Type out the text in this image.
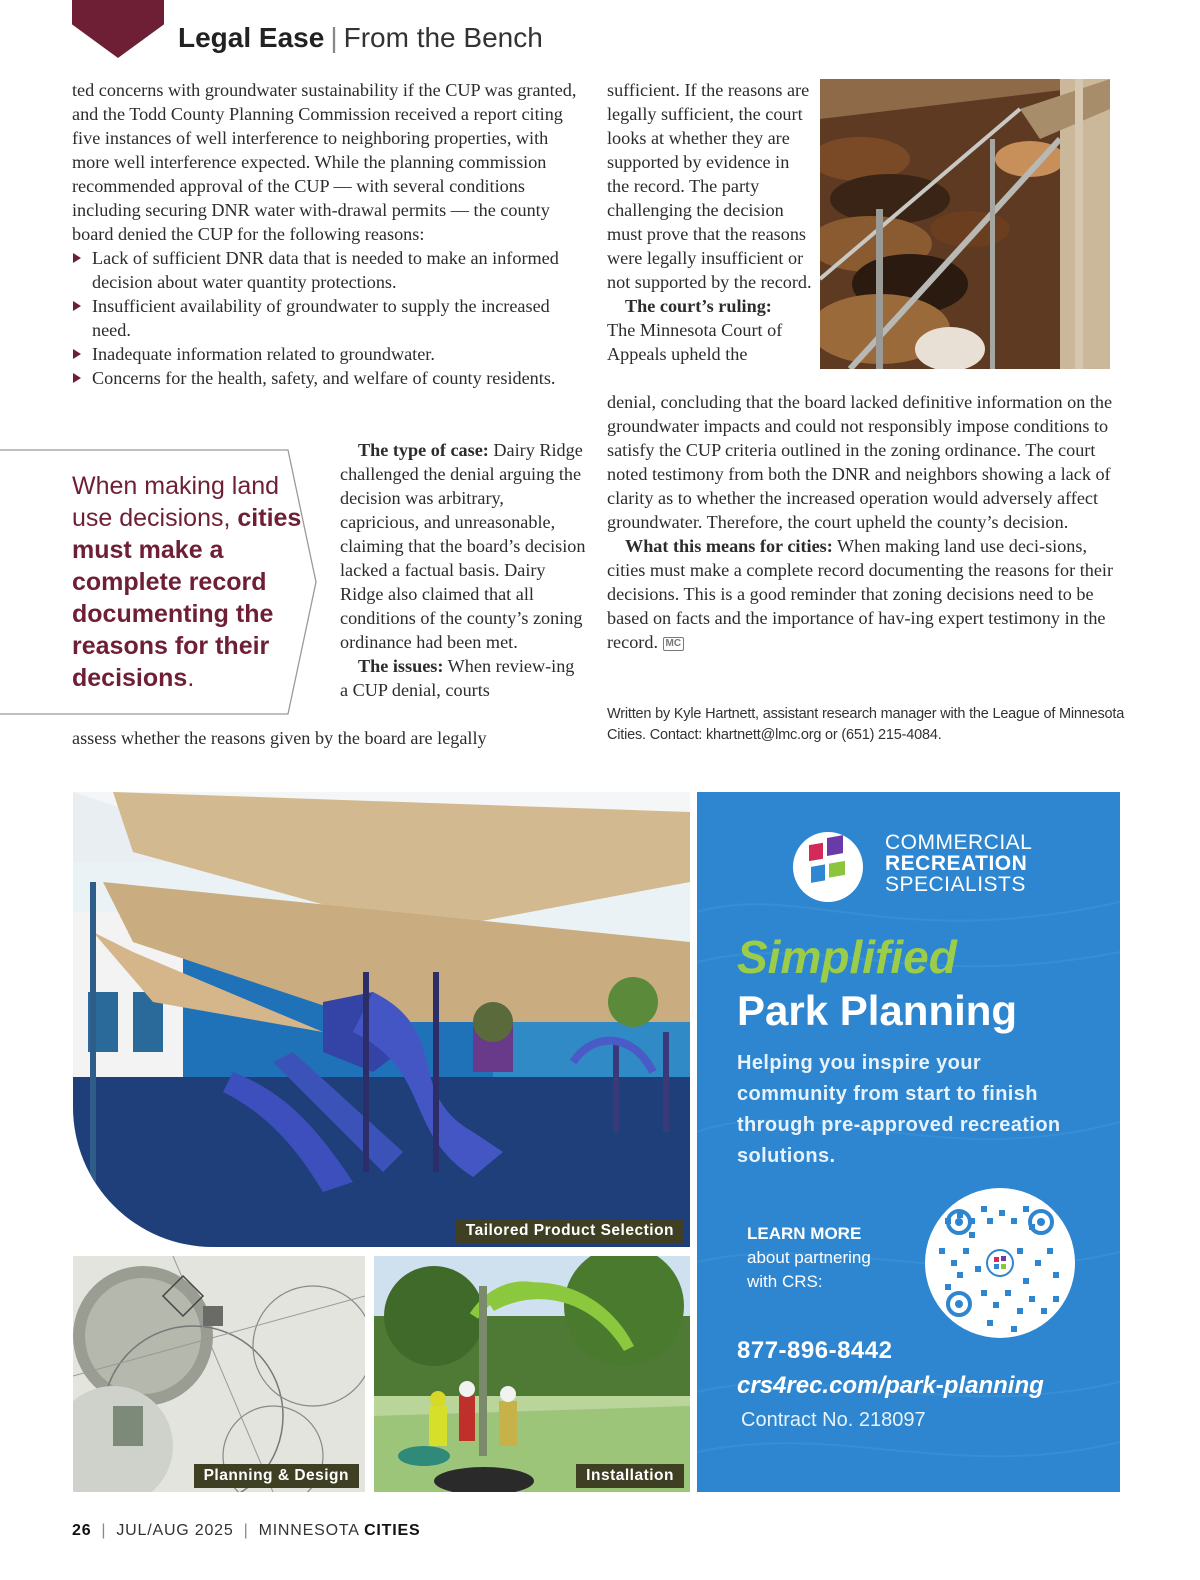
Legal Ease | From the Bench

ted concerns with groundwater sustainability if the CUP was granted, and the Todd County Planning Commission received a report citing five instances of well interference to neighboring properties, with more well interference expected. While the planning commission recommended approval of the CUP — with several conditions including securing DNR water with-drawal permits — the county board denied the CUP for the following reasons:

Lack of sufficient DNR data that is needed to make an informed decision about water quantity protections.
Insufficient availability of groundwater to supply the increased need.
Inadequate information related to groundwater.
Concerns for the health, safety, and welfare of county residents.
When making land use decisions, cities must make a complete record documenting the reasons for their decisions.

The type of case: Dairy Ridge challenged the denial arguing the decision was arbitrary, capricious, and unreasonable, claiming that the board’s decision lacked a factual basis. Dairy Ridge also claimed that all conditions of the county’s zoning ordinance had been met.

The issues: When review-ing a CUP denial, courts

assess whether the reasons given by the board are legally

sufficient. If the reasons are legally sufficient, the court looks at whether they are supported by evidence in the record. The party challenging the decision must prove that the reasons were legally insufficient or not supported by the record.

The court’s ruling:

The Minnesota Court of Appeals upheld the

denial, concluding that the board lacked definitive information on the groundwater impacts and could not responsibly impose conditions to satisfy the CUP criteria outlined in the zoning ordinance. The court noted testimony from both the DNR and neighbors showing a lack of clarity as to whether the increased operation would adversely affect groundwater. Therefore, the court upheld the county’s decision.

What this means for cities: When making land use deci-sions, cities must make a complete record documenting the reasons for their decisions. This is a good reminder that zoning decisions need to be based on facts and the importance of hav-ing expert testimony in the record. MC

Written by Kyle Hartnett, assistant research manager with the League of Minnesota Cities. Contact: khartnett@lmc.org or (651) 215-4084.
Tailored Product Selection
Planning & Design	Installation
COMMERCIAL
RECREATION
SPECIALISTS
Simplified
Park Planning
Helping you inspire your community from start to finish through pre-approved recreation solutions.
LEARN MORE
about partnering
with CRS:
877-896-8442
crs4rec.com/park-planning
Contract No. 218097
26 | JUL/AUG 2025 | MINNESOTA CITIES
